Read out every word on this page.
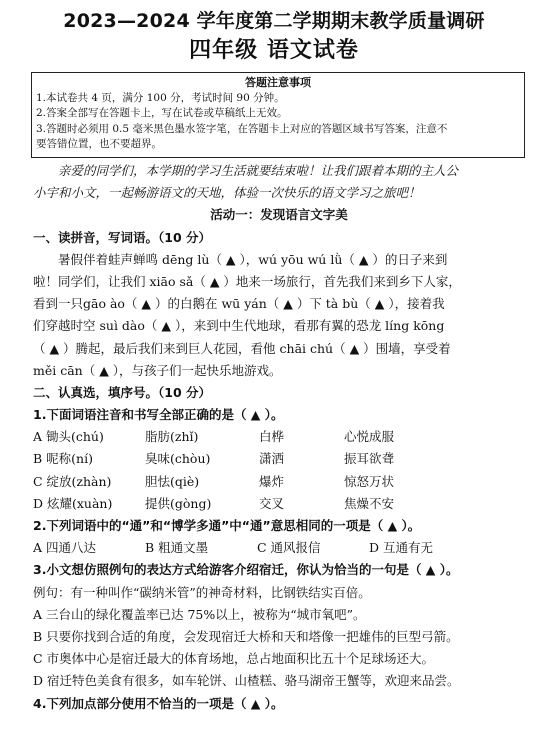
2023—2024 学年度第二学期期末教学质量调研
四年级 语文试卷
答题注意事项

1.本试卷共 4 页，满分 100 分，考试时间 90 分钟。

2.答案全部写在答题卡上，写在试卷或草稿纸上无效。

3.答题时必须用 0.5 毫米黑色墨水签字笔，在答题卡上对应的答题区域书写答案，注意不

要答错位置，也不要超界。

亲爱的同学们，本学期的学习生活就要结束啦！让我们跟着本期的主人公
小宇和小文，一起畅游语文的天地，体验一次快乐的语文学习之旅吧！
活动一：发现语言文字美
一、读拼音，写词语。（10 分）
暑假伴着蛙声蝉鸣 dēng lù（ ▲ ），wú yōu wú lǜ（ ▲ ）的日子来到
啦！同学们，让我们 xiāo sǎ（ ▲ ）地来一场旅行，首先我们来到乡下人家，
看到一只gāo ào（ ▲ ）的白鹅在 wū yán（ ▲ ）下 tà bù（ ▲ ），接着我
们穿越时空 suì dào（ ▲ ），来到中生代地球，看那有翼的恐龙 líng kōng
（ ▲ ）腾起，最后我们来到巨人花园，看他 chāi chú（ ▲ ）围墙，享受着
měi cān（ ▲ ），与孩子们一起快乐地游戏。
二、认真选，填序号。（10 分）
1.下面词语注音和书写全部正确的是（ ▲ ）。
A 锄头(chú)	脂肪(zhǐ)	白桦	心悦成服
B 呢称(ní)	臭味(chòu)	潇洒	振耳欲聋
C 绽放(zhàn)	胆怯(qiè)	爆炸	惊怒万状
D 炫耀(xuàn)	提供(gòng)	交叉	焦燥不安
2.下列词语中的“通”和“博学多通”中“通”意思相同的一项是（ ▲ ）。
A 四通八达	B 粗通文墨	C 通风报信	D 互通有无
3.小文想仿照例句的表达方式给游客介绍宿迁，你认为恰当的一句是（ ▲ ）。
例句：有一种叫作“碳纳米管”的神奇材料，比钢铁结实百倍。
A 三台山的绿化覆盖率已达 75%以上，被称为“城市氧吧”。
B 只要你找到合适的角度，会发现宿迁大桥和天和塔像一把雄伟的巨型弓箭。
C 市奥体中心是宿迁最大的体育场地，总占地面积比五十个足球场还大。
D 宿迁特色美食有很多，如车轮饼、山楂糕、骆马湖帝王蟹等，欢迎来品尝。
4.下列加点部分使用不恰当的一项是（ ▲ ）。
